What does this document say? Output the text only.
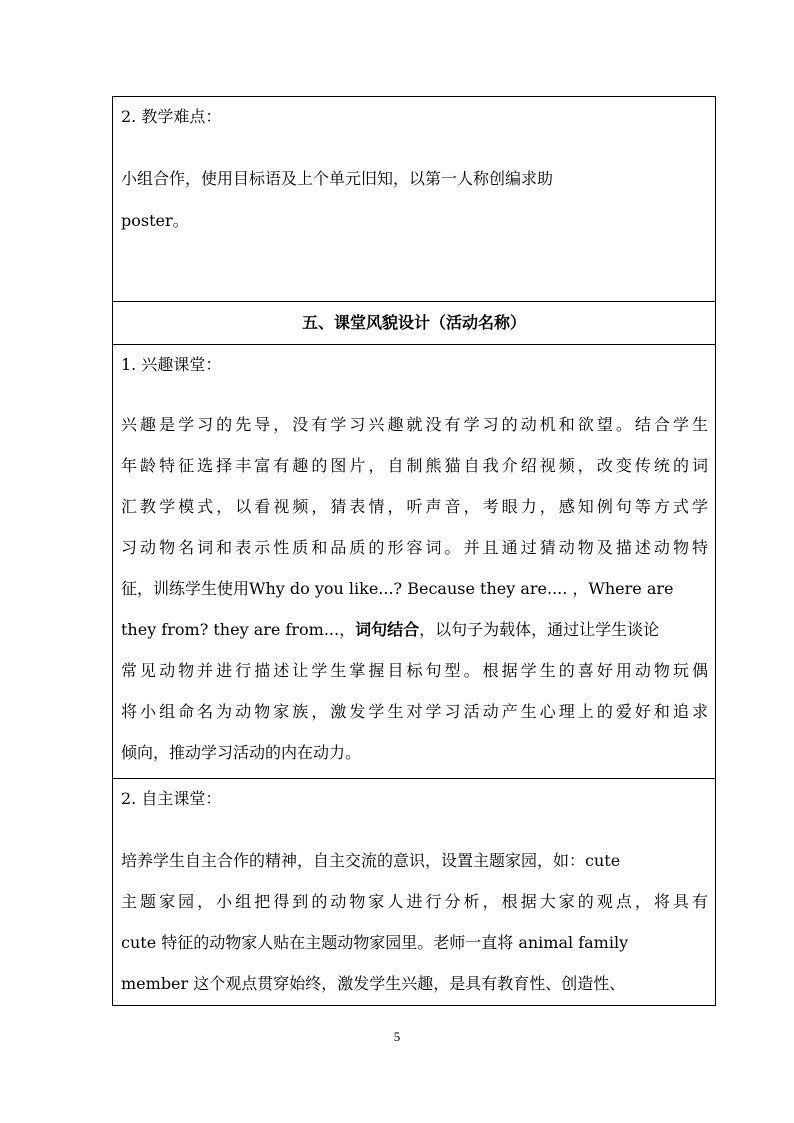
2. 教学难点：
小组合作，使用目标语及上个单元旧知，以第一人称创编求助
poster。
五、课堂风貌设计（活动名称）
1. 兴趣课堂：
兴趣是学习的先导，没有学习兴趣就没有学习的动机和欲望。结合学生
年龄特征选择丰富有趣的图片，自制熊猫自我介绍视频，改变传统的词
汇教学模式，以看视频，猜表情，听声音，考眼力，感知例句等方式学
习动物名词和表示性质和品质的形容词。并且通过猜动物及描述动物特
征，训练学生使用Why do you like...? Because they are.... ，Where are
they from? they are from...，词句结合，以句子为载体，通过让学生谈论
常见动物并进行描述让学生掌握目标句型。根据学生的喜好用动物玩偶
将小组命名为动物家族，激发学生对学习活动产生心理上的爱好和追求
倾向，推动学习活动的内在动力。
2. 自主课堂：
培养学生自主合作的精神，自主交流的意识，设置主题家园，如：cute
主题家园，小组把得到的动物家人进行分析，根据大家的观点，将具有
cute 特征的动物家人贴在主题动物家园里。老师一直将 animal family
member 这个观点贯穿始终，激发学生兴趣，是具有教育性、创造性、
5
